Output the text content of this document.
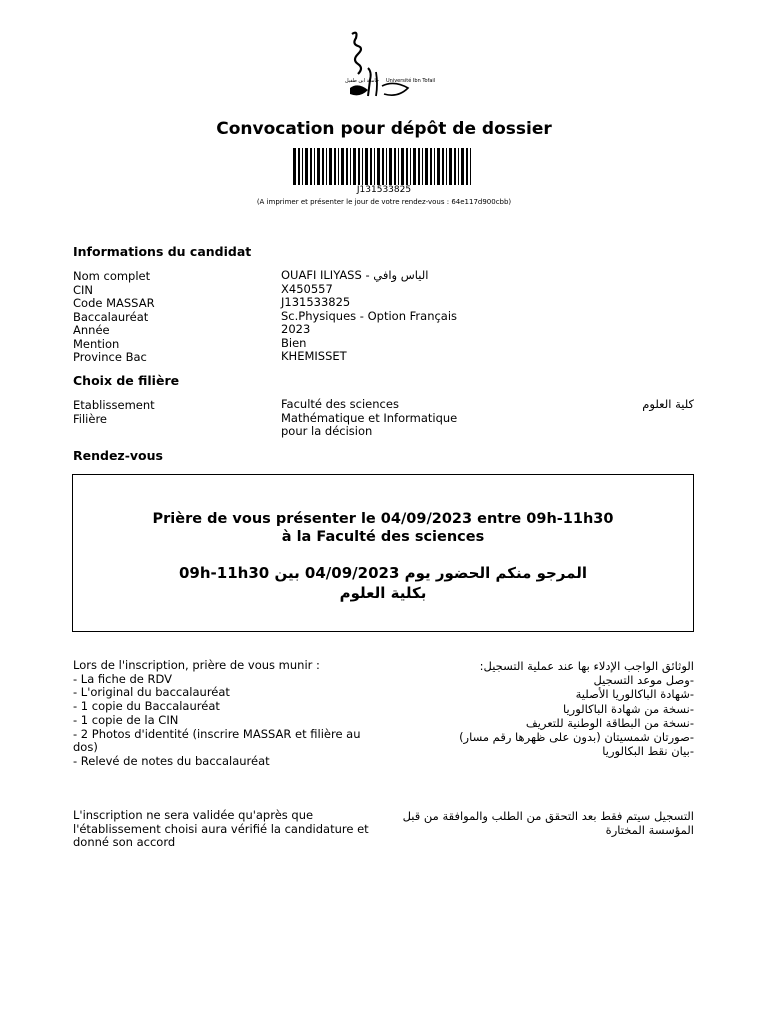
Université Ibn Tofail
جامعة ابن طفيل
Convocation pour dépôt de dossier
J131533825
(A imprimer et présenter le jour de votre rendez-vous : 64e117d900cbb)
Informations du candidat
Nom complet	OUAFI ILIYASS - الياس وافي
CIN	X450557
Code MASSAR	J131533825
Baccalauréat	Sc.Physiques - Option Français
Année	2023
Mention	Bien
Province Bac	KHEMISSET
Choix de filière
Etablissement	Faculté des sciences	كلية العلوم
Filière	Mathématique et Informatique
pour la décision
Rendez-vous
Prière de vous présenter le 04/09/2023 entre 09h-11h30
à la Faculté des sciences
المرجو منكم الحضور يوم 04/09/2023 بين 09h-11h30
بكلية العلوم
Lors de l'inscription, prière de vous munir :
- La fiche de RDV
- L'original du baccalauréat
- 1 copie du Baccalauréat
- 1 copie de la CIN
- 2 Photos d'identité (inscrire MASSAR et filière au dos)
- Relevé de notes du baccalauréat
الوثائق الواجب الإدلاء بها عند عملية التسجيل:
-وصل موعد التسجيل
-شهادة الباكالوريا الأصلية
-نسخة من شهادة الباكالوريا
-نسخة من البطاقة الوطنية للتعريف
-صورتان شمسيتان (بدون على ظهرها رقم مسار)
-بيان نقط البكالوريا
L'inscription ne sera validée qu'après que l'établissement choisi aura vérifié la candidature et donné son accord
التسجيل سيتم فقط بعد التحقق من الطلب والموافقة من قبل المؤسسة المختارة
